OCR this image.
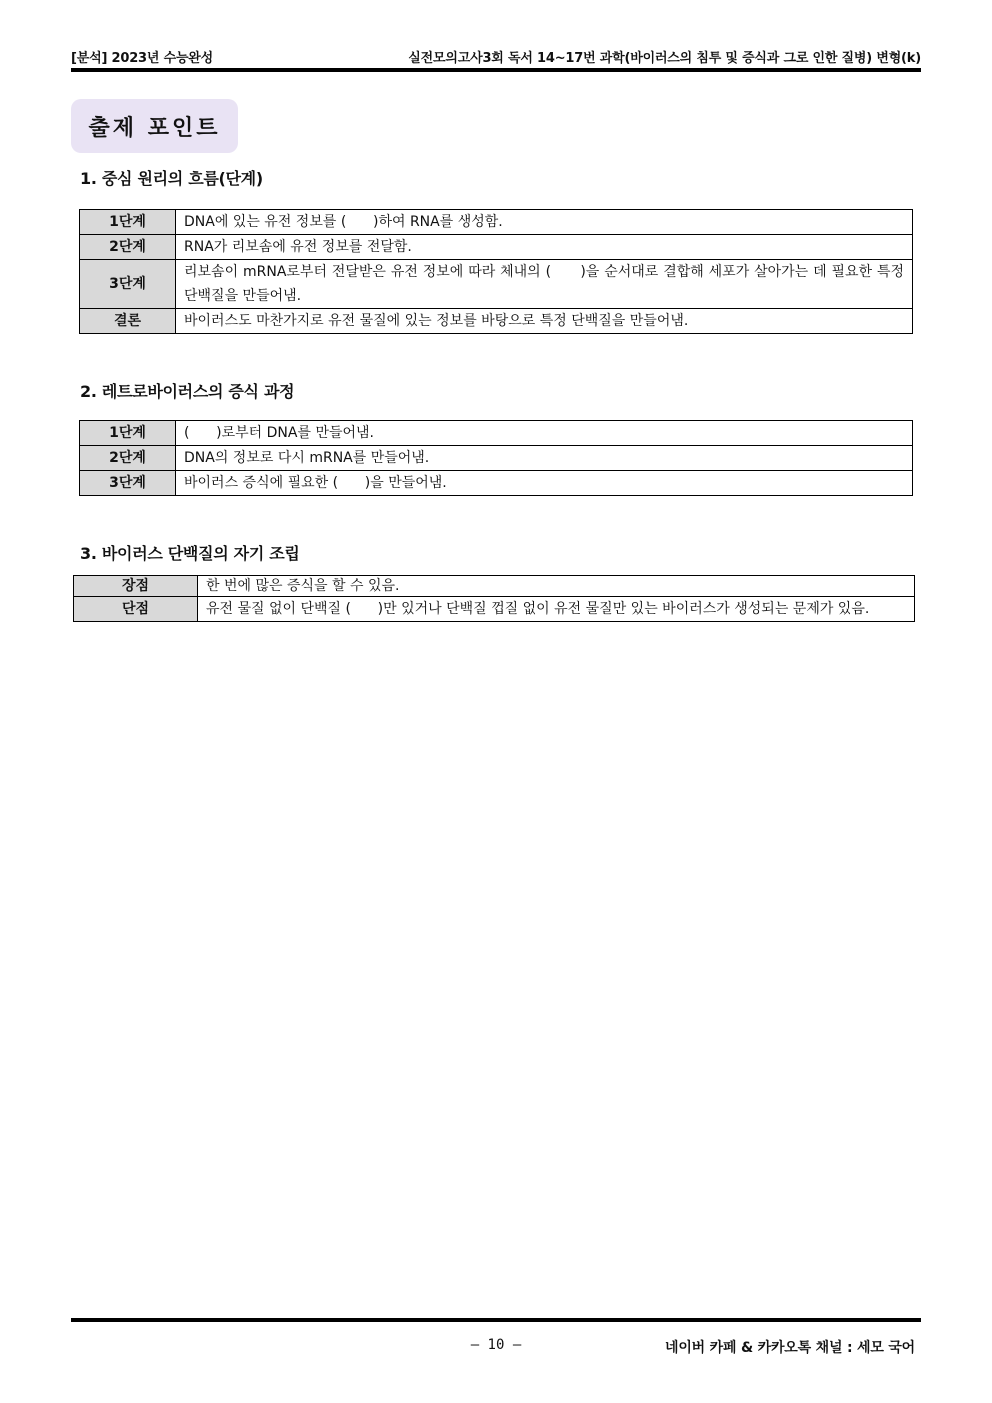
[분석] 2023년 수능완성	실전모의고사3회 독서 14~17번 과학(바이러스의 침투 및 증식과 그로 인한 질병) 변형(k)
출제 포인트
1. 중심 원리의 흐름(단계)
1단계	DNA에 있는 유전 정보를 (      )하여 RNA를 생성함.
2단계	RNA가 리보솜에 유전 정보를 전달함.
3단계	리보솜이 mRNA로부터 전달받은 유전 정보에 따라 체내의 (      )을 순서대로 결합해 세포가 살아가는 데 필요한 특정 단백질을 만들어냄.
결론	바이러스도 마찬가지로 유전 물질에 있는 정보를 바탕으로 특정 단백질을 만들어냄.
2. 레트로바이러스의 증식 과정
1단계	(      )로부터 DNA를 만들어냄.
2단계	DNA의 정보로 다시 mRNA를 만들어냄.
3단계	바이러스 증식에 필요한 (      )을 만들어냄.
3. 바이러스 단백질의 자기 조립
장점	한 번에 많은 증식을 할 수 있음.
단점	유전 물질 없이 단백질 (      )만 있거나 단백질 껍질 없이 유전 물질만 있는 바이러스가 생성되는 문제가 있음.
– 10 –	네이버 카페 & 카카오톡 채널 : 세모 국어
